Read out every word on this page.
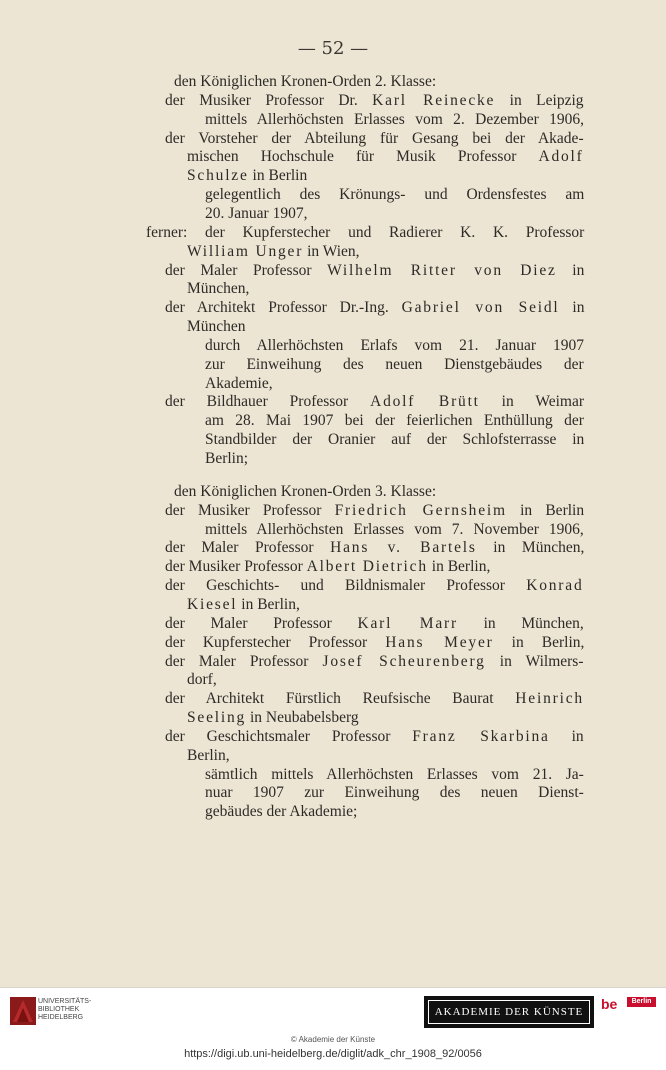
— 52 —
den Königlichen Kronen-Orden 2. Klasse:
der Musiker Professor Dr. Karl Reinecke in Leipzig
mittels Allerhöchsten Erlasses vom 2. Dezember 1906,
der Vorsteher der Abteilung für Gesang bei der Akade-
mischen Hochschule für Musik Professor Adolf
Schulze in Berlin
gelegentlich des Krönungs- und Ordensfestes am
20. Januar 1907,
ferner: der Kupferstecher und Radierer K. K. Professor
William Unger in Wien,
der Maler Professor Wilhelm Ritter von Diez in
München,
der Architekt Professor Dr.-Ing. Gabriel von Seidl in
München
durch Allerhöchsten Erlafs vom 21. Januar 1907
zur Einweihung des neuen Dienstgebäudes der
Akademie,
der Bildhauer Professor Adolf Brütt in Weimar
am 28. Mai 1907 bei der feierlichen Enthüllung der
Standbilder der Oranier auf der Schlofsterrasse in
Berlin;
den Königlichen Kronen-Orden 3. Klasse:
der Musiker Professor Friedrich Gernsheim in Berlin
mittels Allerhöchsten Erlasses vom 7. November 1906,
der Maler Professor Hans v. Bartels in München,
der Musiker Professor Albert Dietrich in Berlin,
der Geschichts- und Bildnismaler Professor Konrad
Kiesel in Berlin,
der Maler Professor Karl Marr in München,
der Kupferstecher Professor Hans Meyer in Berlin,
der Maler Professor Josef Scheurenberg in Wilmers-
dorf,
der Architekt Fürstlich Reufsische Baurat Heinrich
Seeling in Neubabelsberg
der Geschichtsmaler Professor Franz Skarbina in
Berlin,
sämtlich mittels Allerhöchsten Erlasses vom 21. Ja-
nuar 1907 zur Einweihung des neuen Dienst-
gebäudes der Akademie;
UNIVERSITÄTS-
BIBLIOTHEK
HEIDELBERG	AKADEMIE DER KÜNSTE be	Berlin
© Akademie der Künste
https://digi.ub.uni-heidelberg.de/diglit/adk_chr_1908_92/0056
